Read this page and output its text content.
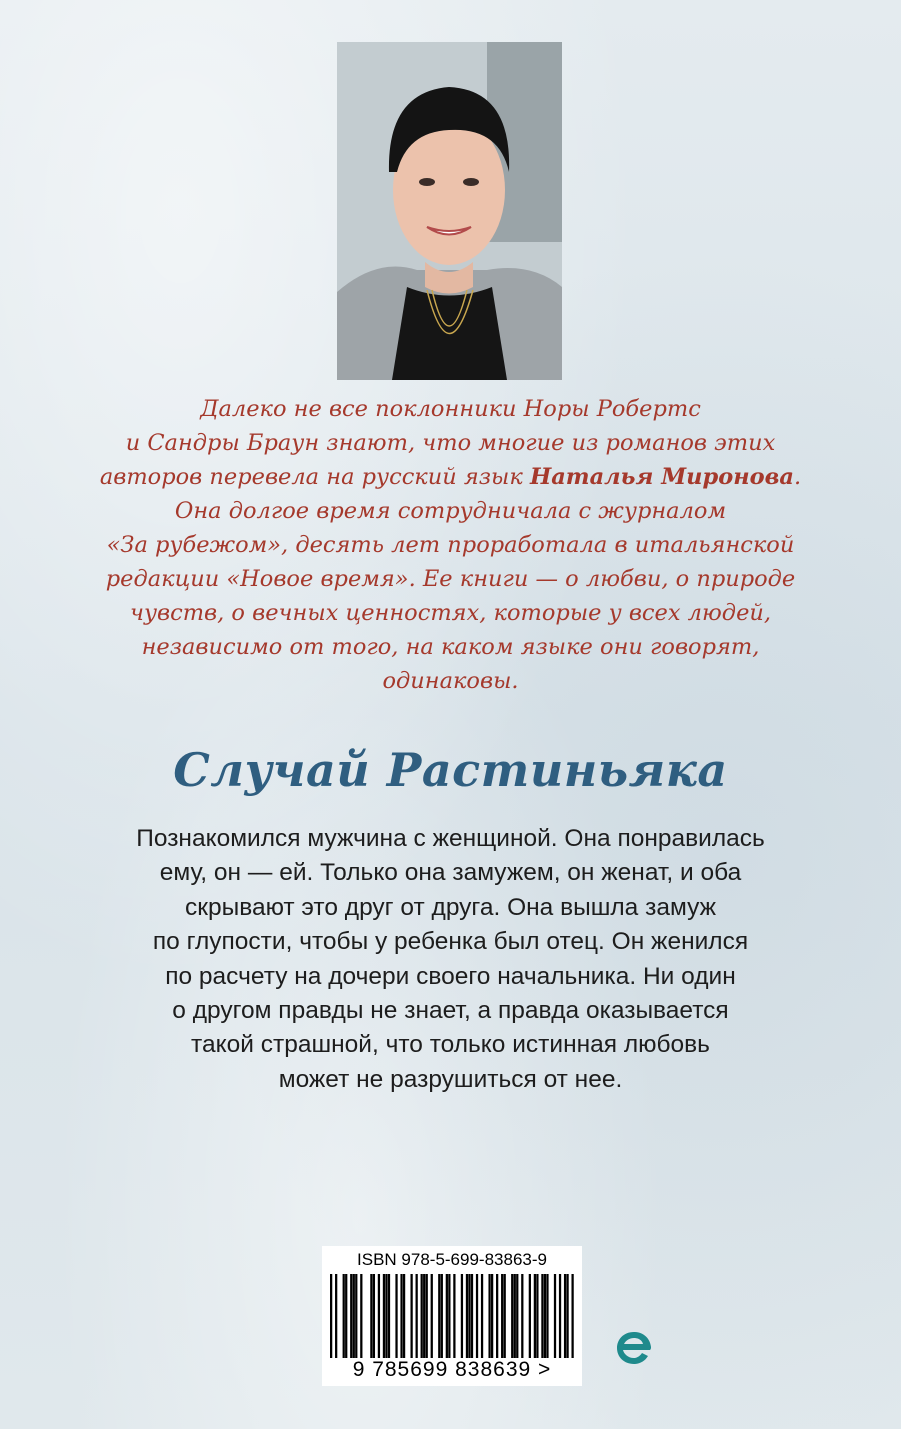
Далеко не все поклонники Норы Робертс
и Сандры Браун знают, что многие из романов этих
авторов перевела на русский язык Наталья Миронова.
Она долгое время сотрудничала с журналом
«За рубежом», десять лет проработала в итальянской
редакции «Новое время». Ее книги — о любви, о природе
чувств, о вечных ценностях, которые у всех людей,
независимо от того, на каком языке они говорят,
одинаковы.

Случай Растиньяка

Познакомился мужчина с женщиной. Она понравилась
ему, он — ей. Только она замужем, он женат, и оба
скрывают это друг от друга. Она вышла замуж
по глупости, чтобы у ребенка был отец. Он женился
по расчету на дочери своего начальника. Ни один
о другом правды не знает, а правда оказывается
такой страшной, что только истинная любовь
может не разрушиться от нее.

ISBN 978-5-699-83863-9
9 785699 838639 >
